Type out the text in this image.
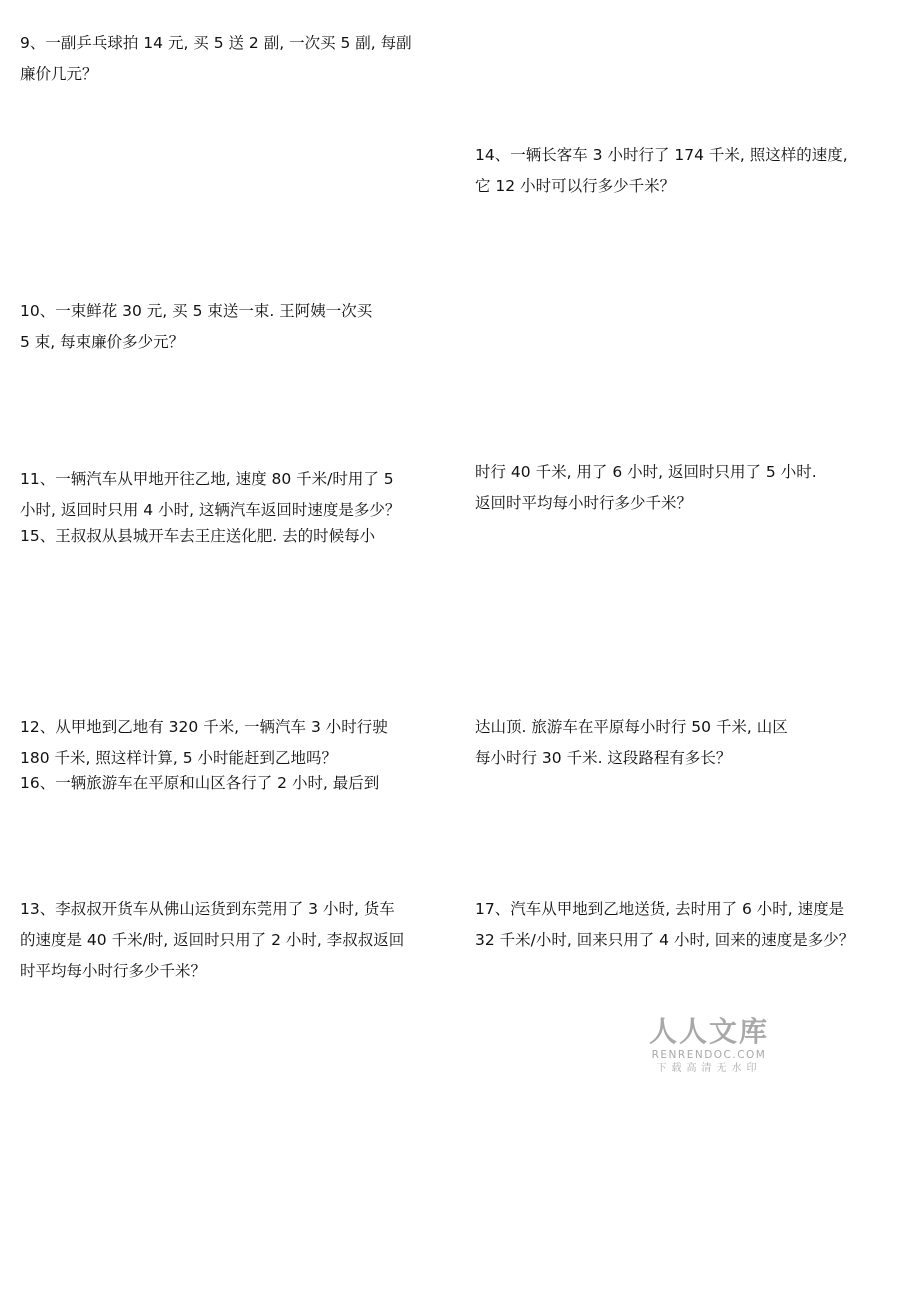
9、一副乒乓球拍 14 元, 买 5 送 2 副, 一次买 5 副, 每副
廉价几元？
14、一辆长客车 3 小时行了 174 千米, 照这样的速度,
它 12 小时可以行多少千米？
10、一束鲜花 30 元, 买 5 束送一束. 王阿姨一次买
5 束, 每束廉价多少元？
11、一辆汽车从甲地开往乙地, 速度 80 千米/时用了 5
小时, 返回时只用 4 小时, 这辆汽车返回时速度是多少？
15、王叔叔从县城开车去王庄送化肥. 去的时候每小
时行 40 千米, 用了 6 小时, 返回时只用了 5 小时.
返回时平均每小时行多少千米？
12、从甲地到乙地有 320 千米, 一辆汽车 3 小时行驶
180 千米, 照这样计算, 5 小时能赶到乙地吗？
16、一辆旅游车在平原和山区各行了 2 小时, 最后到
达山顶. 旅游车在平原每小时行 50 千米, 山区
每小时行 30 千米. 这段路程有多长？
13、李叔叔开货车从佛山运货到东莞用了 3 小时, 货车
的速度是 40 千米/时, 返回时只用了 2 小时, 李叔叔返回
时平均每小时行多少千米？
17、汽车从甲地到乙地送货, 去时用了 6 小时, 速度是
32 千米/小时, 回来只用了 4 小时, 回来的速度是多少？
人人文库
RENRENDOC.COM
下载高清无水印
